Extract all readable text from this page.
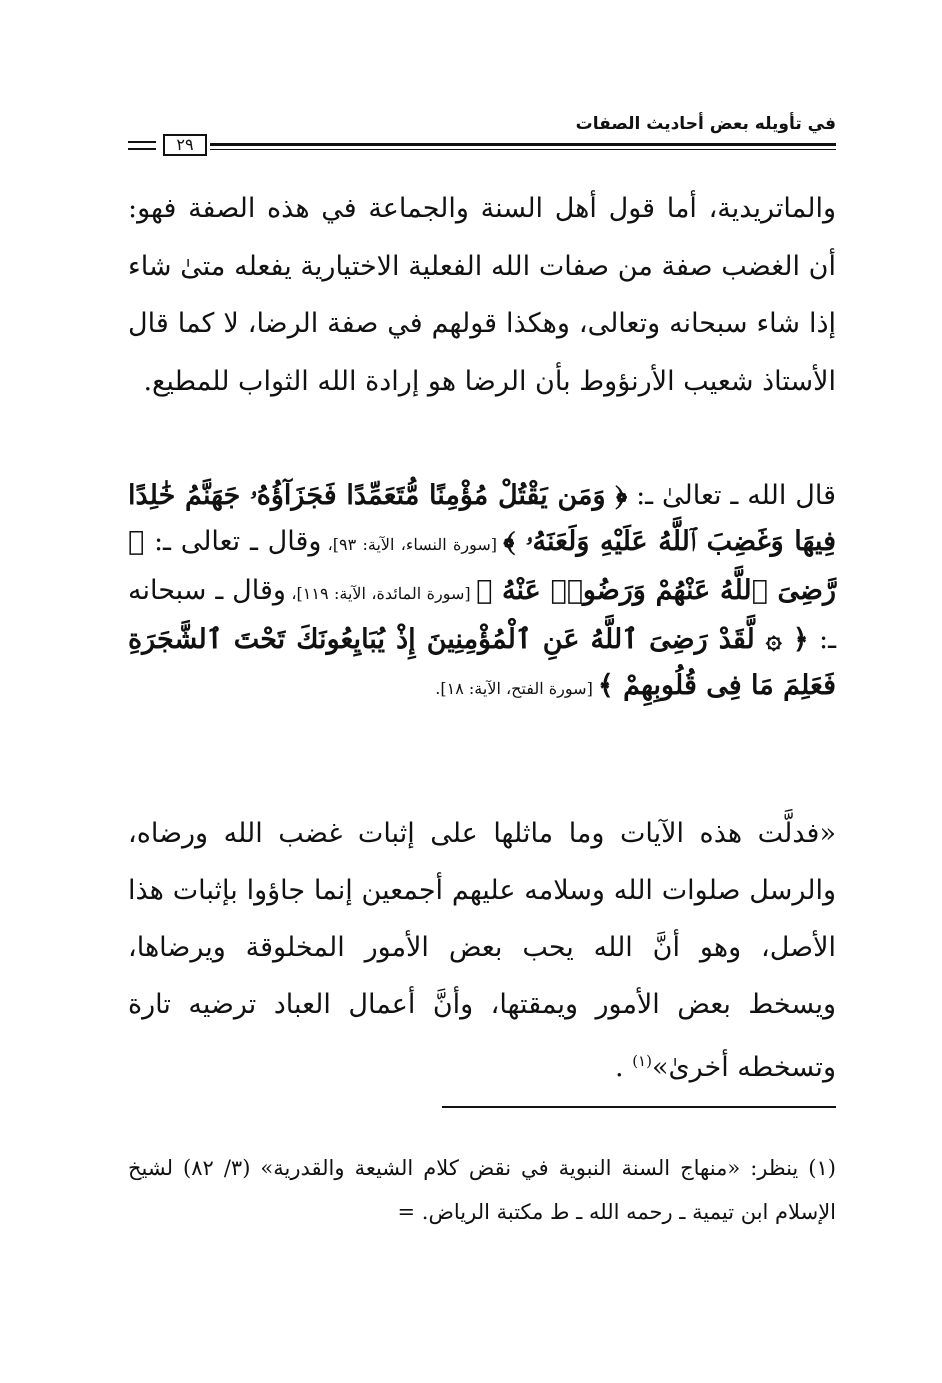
في تأويله بعض أحاديث الصفات
٢٩
والماتريدية، أما قول أهل السنة والجماعة في هذه الصفة فهو: أن الغضب صفة من صفات الله الفعلية الاختيارية يفعله متىٰ شاء إذا شاء سبحانه وتعالى، وهكذا قولهم في صفة الرضا، لا كما قال الأستاذ شعيب الأرنؤوط بأن الرضا هو إرادة الله الثواب للمطيع.
قال الله ـ تعالىٰ ـ: ﴿ وَمَن يَقْتُلْ مُؤْمِنًا مُّتَعَمِّدًا فَجَزَآؤُهُۥ جَهَنَّمُ خَٰلِدًا فِيهَا وَغَضِبَ ٱللَّهُ عَلَيْهِ وَلَعَنَهُۥ ﴾ [سورة النساء، الآية: ٩٣]، وقال ـ تعالى ـ: ﴿ رَّضِىَ ٱللَّهُ عَنْهُمْ وَرَضُوا۟ عَنْهُ ﴾ [سورة المائدة، الآية: ١١٩]، وقال ـ سبحانه ـ: ﴿ ۞ لَّقَدْ رَضِىَ ٱللَّهُ عَنِ ٱلْمُؤْمِنِينَ إِذْ يُبَايِعُونَكَ تَحْتَ ٱلشَّجَرَةِ فَعَلِمَ مَا فِى قُلُوبِهِمْ ﴾ [سورة الفتح، الآية: ١٨].
«فدلَّت هذه الآيات وما ماثلها على إثبات غضب الله ورضاه، والرسل صلوات الله وسلامه عليهم أجمعين إنما جاؤوا بإثبات هذا الأصل، وهو أنَّ الله يحب بعض الأمور المخلوقة ويرضاها، ويسخط بعض الأمور ويمقتها، وأنَّ أعمال العباد ترضيه تارة وتسخطه أخرىٰ»$^{(١)}$ .
(١) ينظر: «منهاج السنة النبوية في نقض كلام الشيعة والقدرية» (٣/ ٨٢) لشيخ الإسلام ابن تيمية ـ رحمه الله ـ ط مكتبة الرياض. =
